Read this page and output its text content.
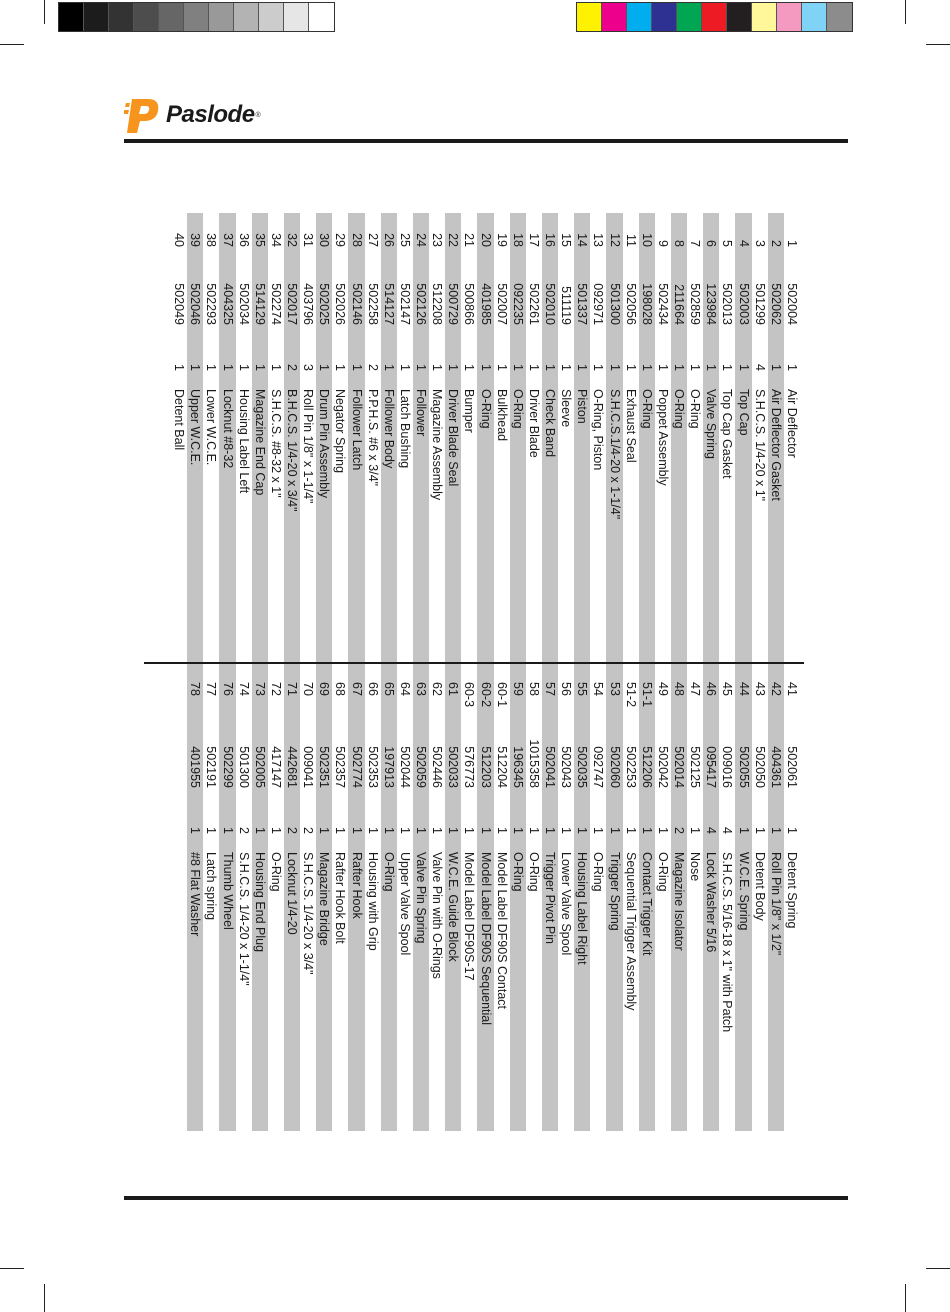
Paslode ®
1
502004
1
Air Deflector
2
502062
1
Air Deflector Gasket
3
501299
4
S.H.C.S. 1/4-20 x 1"
4
502003
1
Top Cap
5
502013
1
Top Cap Gasket
6
123984
1
Valve Spring
7
502859
1
O-Ring
8
211664
1
O-Ring
9
502434
1
Poppet Assembly
10
198028
1
O-Ring
11
502056
1
Exhaust Seal
12
501300
1
S.H.C.S.1/4-20 x 1-1/4"
13
092971
1
O-Ring, Piston
14
501337
1
Piston
15
511119
1
Sleeve
16
502010
1
Check Band
17
502261
1
Driver Blade
18
092235
1
O-Ring
19
502007
1
Bulkhead
20
401985
1
O-Ring
21
500866
1
Bumper
22
500729
1
Driver Blade Seal
23
512208
1
Magazine Assembly
24
502126
1
Follower
25
502147
1
Latch Bushing
26
514127
1
Follower Body
27
502258
2
P.P.H.S. #6 x 3/4"
28
502146
1
Follower Latch
29
502026
1
Negator Spring
30
502025
1
Drum Pin Assembly
31
403796
3
Roll Pin 1/8" x 1-1/4"
32
502017
2
B.H.C.S. 1/4-20 x 3/4"
34
502274
1
S.H.C.S. #8-32 x 1"
35
514129
1
Magazine End Cap
36
502034
1
Housing Label Left
37
404325
1
Locknut #8-32
38
502293
1
Lower W.C.E.
39
502046
1
Upper W.C.E.
40
502049
1
Detent Ball
41
502061
1
Detent Spring
42
404361
1
Roll Pin 1/8" x 1/2"
43
502050
1
Detent Body
44
502055
1
W.C.E. Spring
45
009016
4
S.H.C.S. 5/16-18 x 1" with Patch
46
095417
4
Lock Washer 5/16
47
502125
1
Nose
48
502014
2
Magazine Isolator
49
502042
1
O-Ring
51-1
512206
1
Contact Trigger Kit
51-2
502253
1
Sequential Trigger Assembly
53
502060
1
Trigger Spring
54
092747
1
O-Ring
55
502035
1
Housing Label Right
56
502043
1
Lower Valve Spool
57
502041
1
Trigger Pivot Pin
58
1015358
1
O-Ring
59
196345
1
O-Ring
60-1
512204
1
Model Label DF90S Contact
60-2
512203
1
Model Label DF90S Sequential
60-3
576773
1
Model Label DF90S-17
61
502033
1
W.C.E. Guide Block
62
502446
1
Valve Pin with O-Rings
63
502059
1
Valve Pin Spring
64
502044
1
Upper Valve Spool
65
197913
1
O-Ring
66
502353
1
Housing with Grip
67
502774
1
Rafter Hook
68
502357
1
Rafter Hook Bolt
69
502351
1
Magazine Bridge
70
009041
2
S.H.C.S. 1/4-20 x 3/4"
71
442681
2
Locknut 1/4-20
72
417147
1
O-Ring
73
502005
1
Housing End Plug
74
501300
2
S.H.C.S. 1/4-20 x 1-1/4"
76
502299
1
Thumb Wheel
77
502191
1
Latch spring
78
401955
1
#8 Flat Washer
